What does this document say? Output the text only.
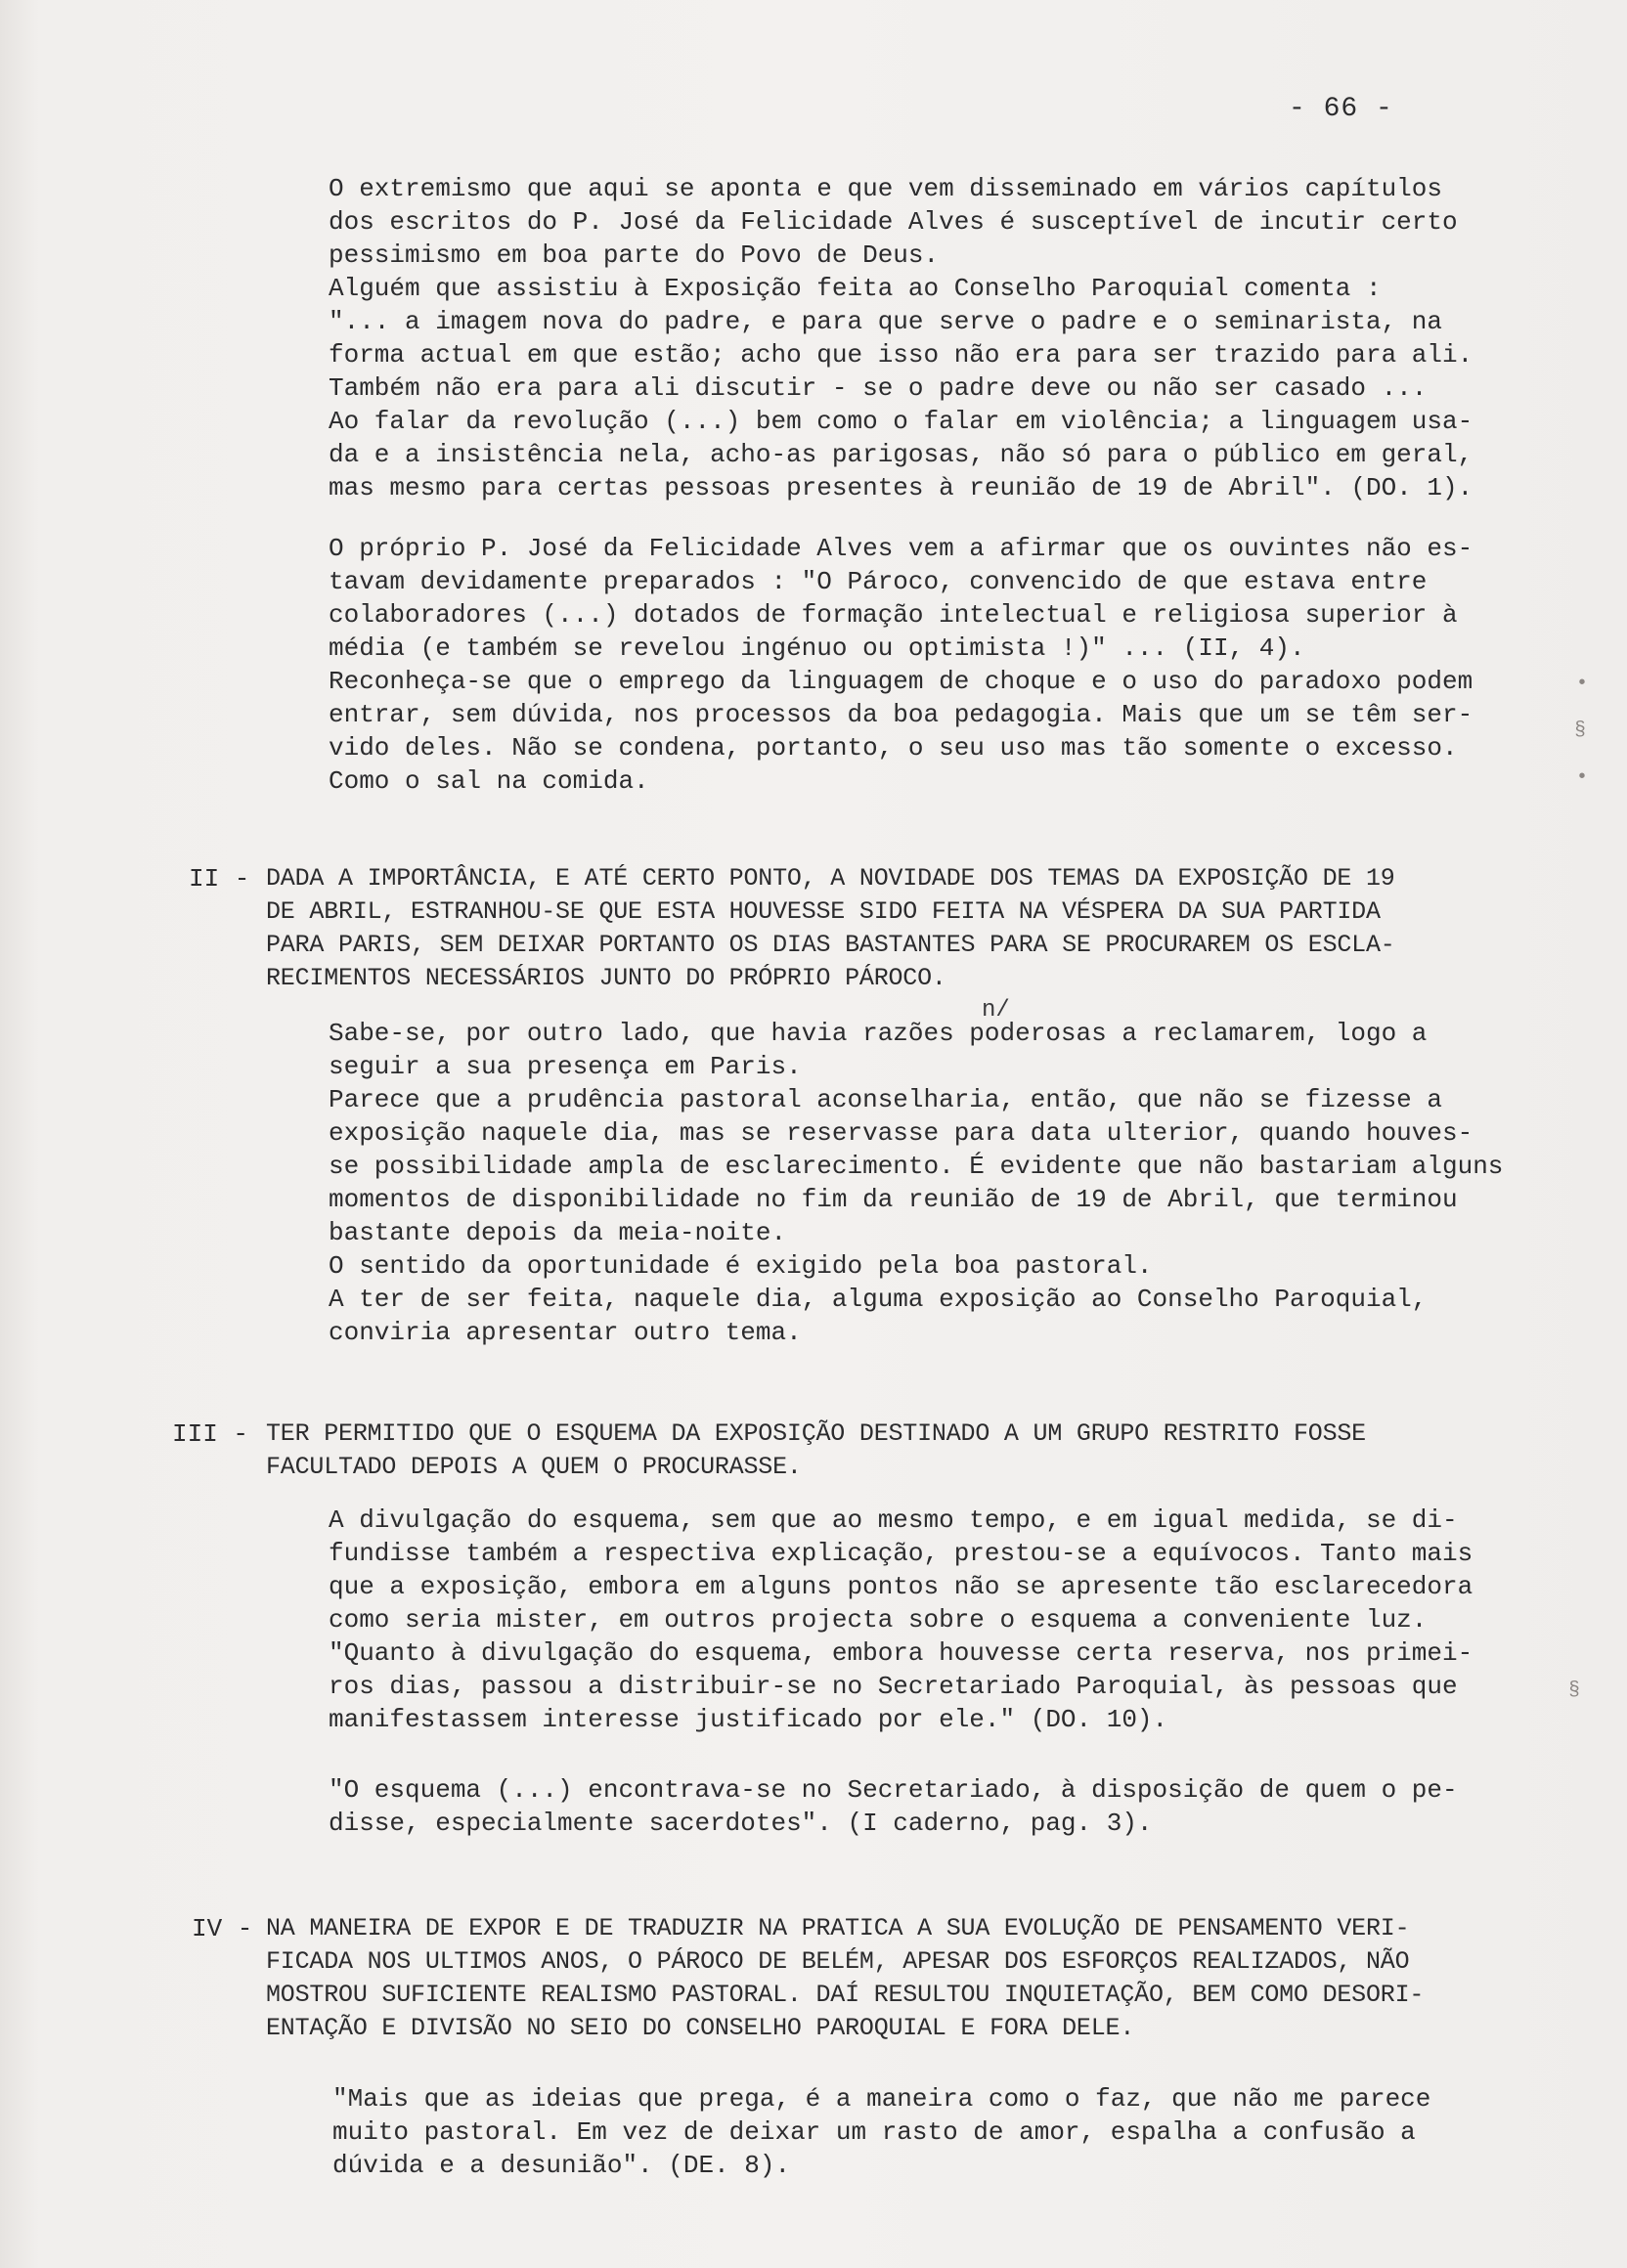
- 66 -
O extremismo que aqui se aponta e que vem disseminado em vários capítulos
dos escritos do P. José da Felicidade Alves é susceptível de incutir certo
pessimismo em boa parte do Povo de Deus.
Alguém que assistiu à Exposição feita ao Conselho Paroquial comenta :
"... a imagem nova do padre, e para que serve o padre e o seminarista, na
forma actual em que estão; acho que isso não era para ser trazido para ali.
Também não era para ali discutir - se o padre deve ou não ser casado ...
Ao falar da revolução (...) bem como o falar em violência; a linguagem usa-
da e a insistência nela, acho-as parigosas, não só para o público em geral,
mas mesmo para certas pessoas presentes à reunião de 19 de Abril". (DO. 1).
O próprio P. José da Felicidade Alves vem a afirmar que os ouvintes não es-
tavam devidamente preparados : "O Pároco, convencido de que estava entre
colaboradores (...) dotados de formação intelectual e religiosa superior à
média (e também se revelou ingénuo ou optimista !)" ... (II, 4).
Reconheça-se que o emprego da linguagem de choque e o uso do paradoxo podem
entrar, sem dúvida, nos processos da boa pedagogia. Mais que um se têm ser-
vido deles. Não se condena, portanto, o seu uso mas tão somente o excesso.
Como o sal na comida.
II - DADA A IMPORTÂNCIA, E ATÉ CERTO PONTO, A NOVIDADE DOS TEMAS DA EXPOSIÇÃO DE 19
DE ABRIL, ESTRANHOU-SE QUE ESTA HOUVESSE SIDO FEITA NA VÉSPERA DA SUA PARTIDA
PARA PARIS, SEM DEIXAR PORTANTO OS DIAS BASTANTES PARA SE PROCURAREM OS ESCLA-
RECIMENTOS NECESSÁRIOS JUNTO DO PRÓPRIO PÁROCO.
n/
Sabe-se, por outro lado, que havia razões poderosas a reclamarem, logo a
seguir a sua presença em Paris.
Parece que a prudência pastoral aconselharia, então, que não se fizesse a
exposição naquele dia, mas se reservasse para data ulterior, quando houves-
se possibilidade ampla de esclarecimento. É evidente que não bastariam alguns
momentos de disponibilidade no fim da reunião de 19 de Abril, que terminou
bastante depois da meia-noite.
O sentido da oportunidade é exigido pela boa pastoral.
A ter de ser feita, naquele dia, alguma exposição ao Conselho Paroquial,
conviria apresentar outro tema.
III - TER PERMITIDO QUE O ESQUEMA DA EXPOSIÇÃO DESTINADO A UM GRUPO RESTRITO FOSSE
FACULTADO DEPOIS A QUEM O PROCURASSE.
A divulgação do esquema, sem que ao mesmo tempo, e em igual medida, se di-
fundisse também a respectiva explicação, prestou-se a equívocos. Tanto mais
que a exposição, embora em alguns pontos não se apresente tão esclarecedora
como seria mister, em outros projecta sobre o esquema a conveniente luz.
"Quanto à divulgação do esquema, embora houvesse certa reserva, nos primei-
ros dias, passou a distribuir-se no Secretariado Paroquial, às pessoas que
manifestassem interesse justificado por ele." (DO. 10).
"O esquema (...) encontrava-se no Secretariado, à disposição de quem o pe-
disse, especialmente sacerdotes". (I caderno, pag. 3).
IV - NA MANEIRA DE EXPOR E DE TRADUZIR NA PRATICA A SUA EVOLUÇÃO DE PENSAMENTO VERI-
FICADA NOS ULTIMOS ANOS, O PÁROCO DE BELÉM, APESAR DOS ESFORÇOS REALIZADOS, NÃO
MOSTROU SUFICIENTE REALISMO PASTORAL. DAÍ RESULTOU INQUIETAÇÃO, BEM COMO DESORI-
ENTAÇÃO E DIVISÃO NO SEIO DO CONSELHO PAROQUIAL E FORA DELE.
"Mais que as ideias que prega, é a maneira como o faz, que não me parece
muito pastoral. Em vez de deixar um rasto de amor, espalha a confusão a
dúvida e a desunião". (DE. 8).
•
§
•
§
